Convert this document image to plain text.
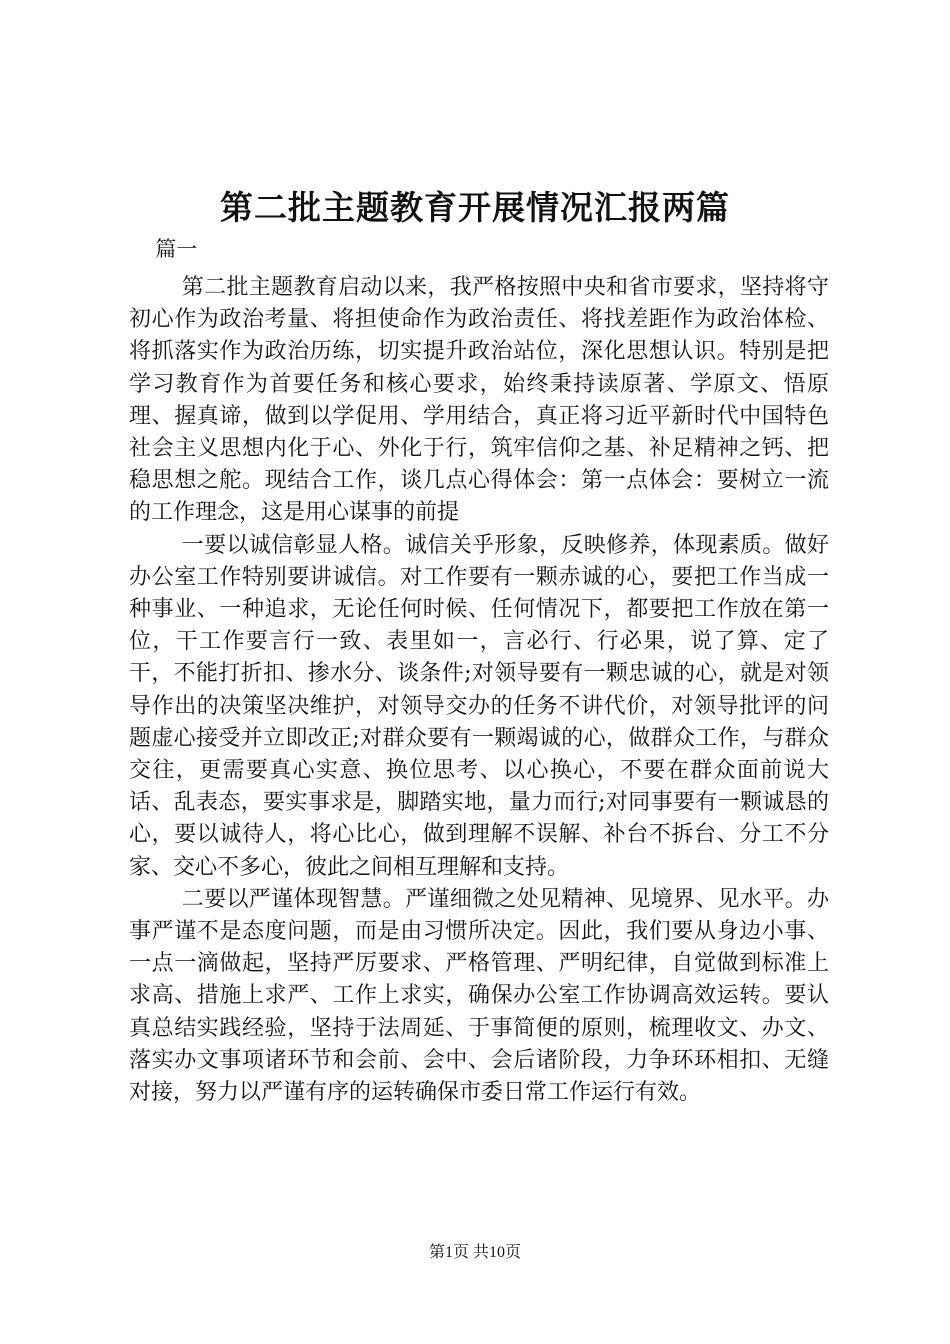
第二批主题教育开展情况汇报两篇

篇一

第二批主题教育启动以来，我严格按照中央和省市要求，坚持将守初心作为政治考量、将担使命作为政治责任、将找差距作为政治体检、将抓落实作为政治历练，切实提升政治站位，深化思想认识。特别是把学习教育作为首要任务和核心要求，始终秉持读原著、学原文、悟原理、握真谛，做到以学促用、学用结合，真正将习近平新时代中国特色社会主义思想内化于心、外化于行，筑牢信仰之基、补足精神之钙、把稳思想之舵。现结合工作，谈几点心得体会：第一点体会：要树立一流的工作理念，这是用心谋事的前提

一要以诚信彰显人格。诚信关乎形象，反映修养，体现素质。做好办公室工作特别要讲诚信。对工作要有一颗赤诚的心，要把工作当成一种事业、一种追求，无论任何时候、任何情况下，都要把工作放在第一位，干工作要言行一致、表里如一，言必行、行必果，说了算、定了干，不能打折扣、掺水分、谈条件;对领导要有一颗忠诚的心，就是对领导作出的决策坚决维护，对领导交办的任务不讲代价，对领导批评的问题虚心接受并立即改正;对群众要有一颗竭诚的心，做群众工作，与群众交往，更需要真心实意、换位思考、以心换心，不要在群众面前说大话、乱表态，要实事求是，脚踏实地，量力而行;对同事要有一颗诚恳的心，要以诚待人，将心比心，做到理解不误解、补台不拆台、分工不分家、交心不多心，彼此之间相互理解和支持。

二要以严谨体现智慧。严谨细微之处见精神、见境界、见水平。办事严谨不是态度问题，而是由习惯所决定。因此，我们要从身边小事、一点一滴做起，坚持严厉要求、严格管理、严明纪律，自觉做到标准上求高、措施上求严、工作上求实，确保办公室工作协调高效运转。要认真总结实践经验，坚持于法周延、于事简便的原则，梳理收文、办文、落实办文事项诸环节和会前、会中、会后诸阶段，力争环环相扣、无缝对接，努力以严谨有序的运转确保市委日常工作运行有效。

第1页 共10页
